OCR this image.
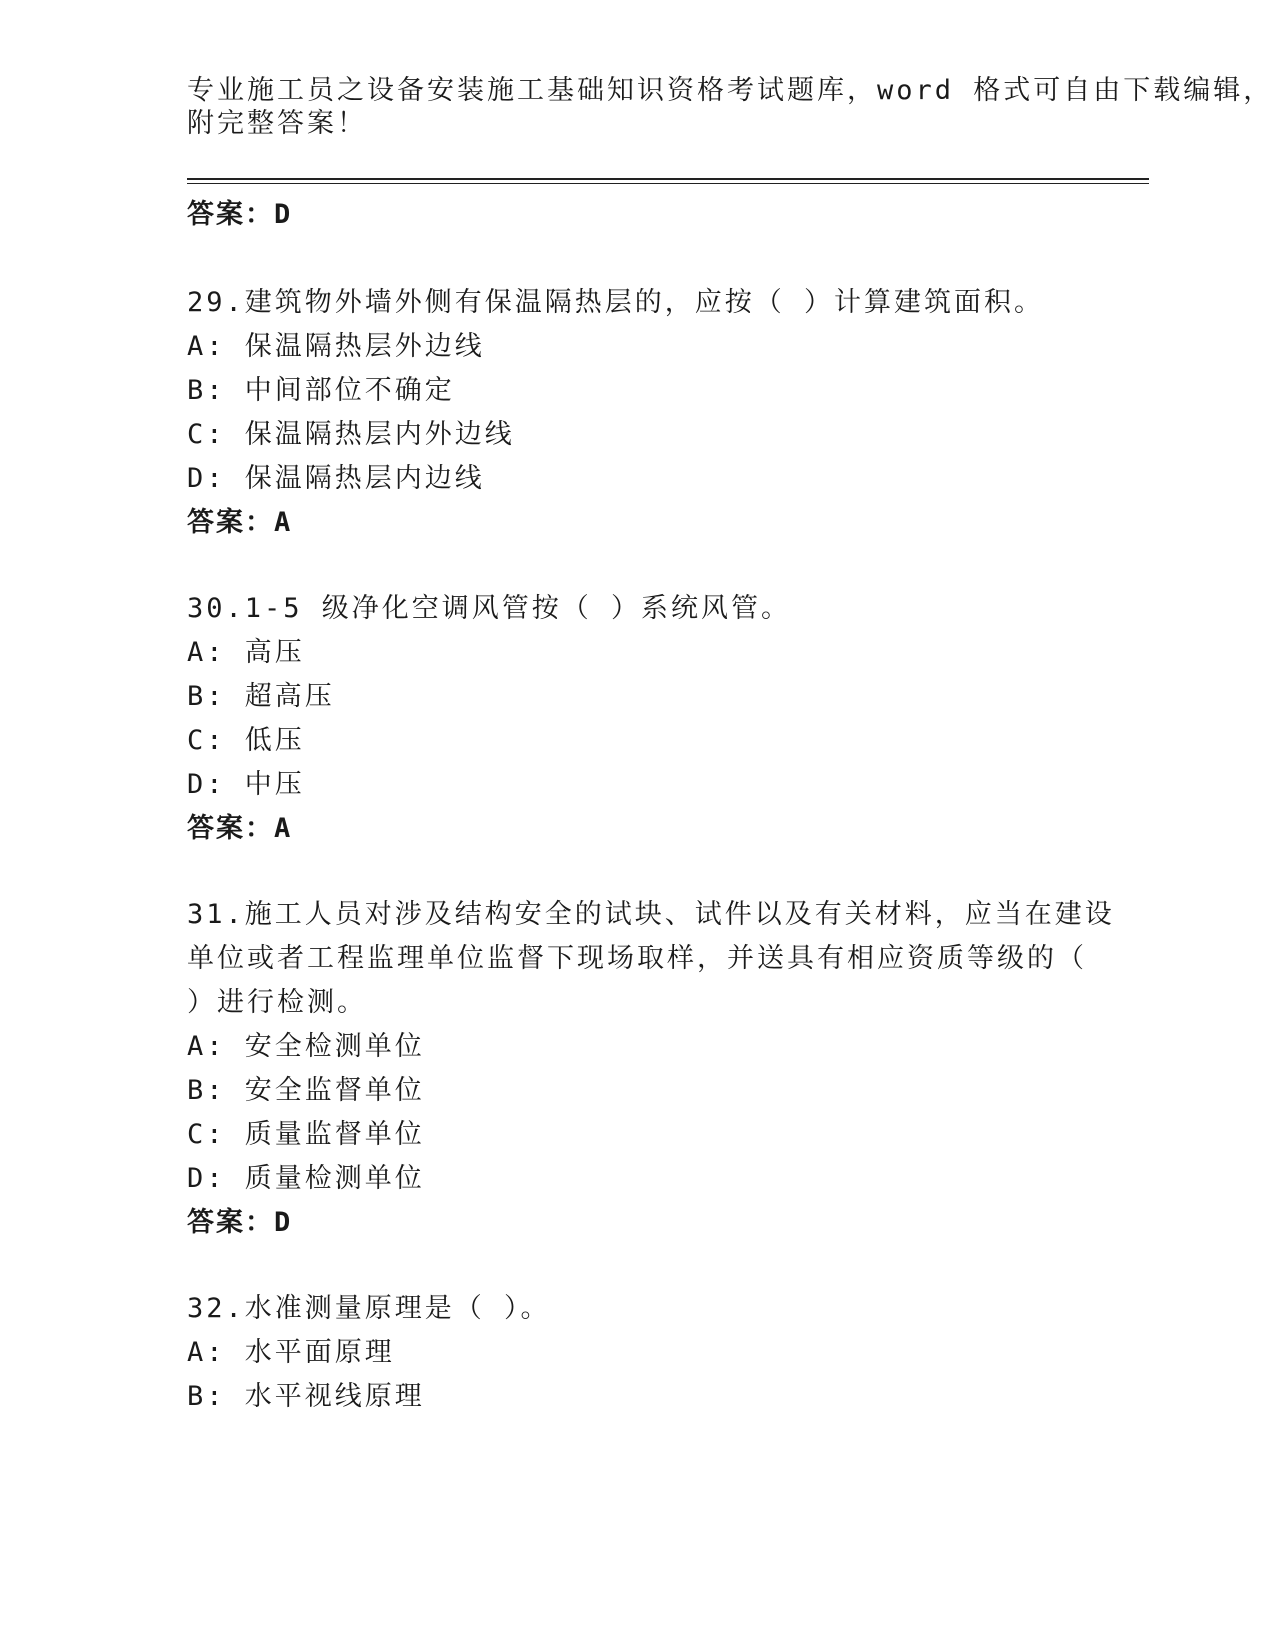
专业施工员之设备安装施工基础知识资格考试题库，word 格式可自由下载编辑，
附完整答案！
答案：D
29.建筑物外墙外侧有保温隔热层的，应按（ ）计算建筑面积。
A: 保温隔热层外边线
B: 中间部位不确定
C: 保温隔热层内外边线
D: 保温隔热层内边线
答案：A
30.1-5 级净化空调风管按（ ）系统风管。
A: 高压
B: 超高压
C: 低压
D: 中压
答案：A
31.施工人员对涉及结构安全的试块、试件以及有关材料，应当在建设
单位或者工程监理单位监督下现场取样，并送具有相应资质等级的（
）进行检测。
A: 安全检测单位
B: 安全监督单位
C: 质量监督单位
D: 质量检测单位
答案：D
32.水准测量原理是（ ）。
A: 水平面原理
B: 水平视线原理
